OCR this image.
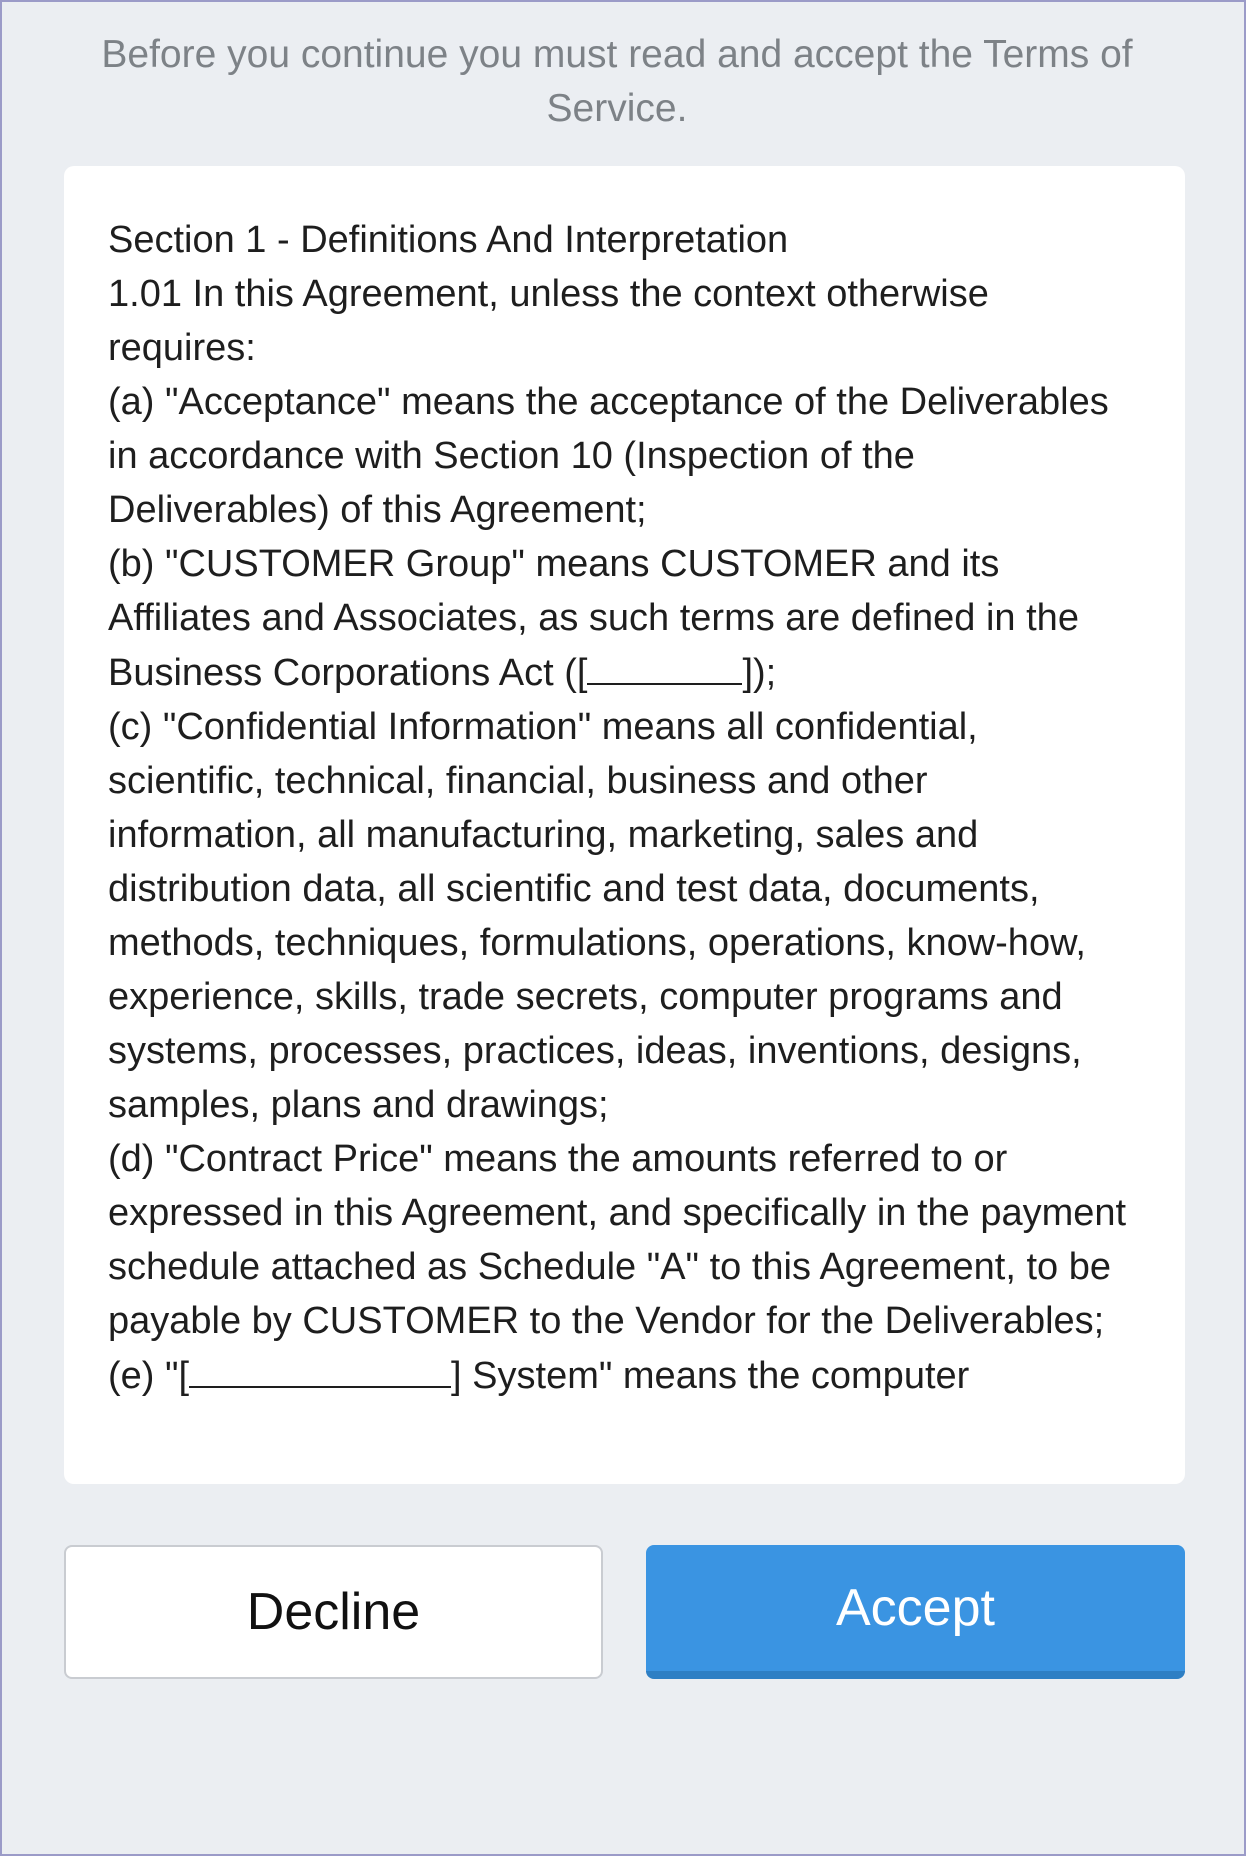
Before you continue you must read and accept the Terms of Service.

Section 1 - Definitions And Interpretation

1.01 In this Agreement, unless the context otherwise requires:

(a) "Acceptance" means the acceptance of the Deliverables in accordance with Section 10 (Inspection of the Deliverables) of this Agreement;

(b) "CUSTOMER Group" means CUSTOMER and its Affiliates and Associates, as such terms are defined in the Business Corporations Act ([	]);

(c) "Confidential Information" means all confidential, scientific, technical, financial, business and other information, all manufacturing, marketing, sales and distribution data, all scientific and test data, documents, methods, techniques, formulations, operations, know-how, experience, skills, trade secrets, computer programs and systems, processes, practices, ideas, inventions, designs, samples, plans and drawings;

(d) "Contract Price" means the amounts referred to or expressed in this Agreement, and specifically in the payment schedule attached as Schedule "A" to this Agreement, to be payable by CUSTOMER to the Vendor for the Deliverables;

(e) "[	] System" means the computer

Decline	Accept
